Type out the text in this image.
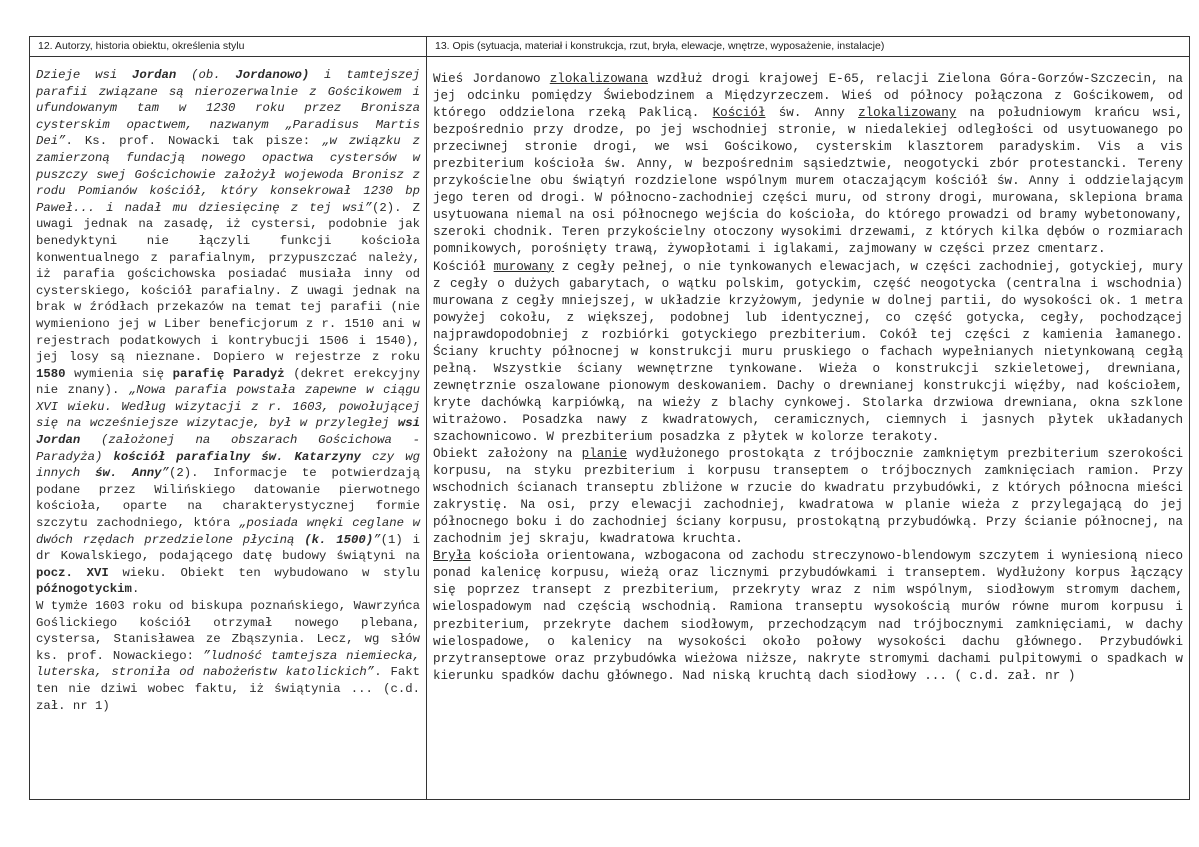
12. Autorzy, historia obiektu, określenia stylu

Dzieje wsi Jordan (ob. Jordanowo) i tamtejszej parafii związane są nierozerwalnie z Gościkowem i ufundowanym tam w 1230 roku przez Bronisza cysterskim opactwem, nazwanym „Paradisus Martis Dei”. Ks. prof. Nowacki tak pisze: „w związku z zamierzoną fundacją nowego opactwa cystersów w puszczy swej Gościchowie założył wojewoda Bronisz z rodu Pomianów kościół, który konsekrował 1230 bp Paweł... i nadał mu dziesięcinę z tej wsi”(2). Z uwagi jednak na zasadę, iż cystersi, podobnie jak benedyktyni nie łączyli funkcji kościoła konwentualnego z parafialnym, przypuszczać należy, iż parafia gościchowska posiadać musiała inny od cysterskiego, kościół parafialny. Z uwagi jednak na brak w źródłach przekazów na temat tej parafii (nie wymieniono jej w Liber beneficjorum z r. 1510 ani w rejestrach podatkowych i kontrybucji 1506 i 1540), jej losy są nieznane. Dopiero w rejestrze z roku 1580 wymienia się parafię Paradyż (dekret erekcyjny nie znany). „Nowa parafia powstała zapewne w ciągu XVI wieku. Według wizytacji z r. 1603, powołującej się na wcześniejsze wizytacje, był w przyległej wsi Jordan (założonej na obszarach Gościchowa - Paradyża) kościół parafialny św. Katarzyny czy wg innych św. Anny”(2). Informacje te potwierdzają podane przez Wilińskiego datowanie pierwotnego kościoła, oparte na charakterystycznej formie szczytu zachodniego, która „posiada wnęki ceglane w dwóch rzędach przedzielone płyciną (k. 1500)”(1) i dr Kowalskiego, podającego datę budowy świątyni na pocz. XVI wieku. Obiekt ten wybudowano w stylu późnogotyckim.

W tymże 1603 roku od biskupa poznańskiego, Wawrzyńca Goślickiego kościół otrzymał nowego plebana, cystersa, Stanisławea ze Zbąszynia. Lecz, wg słów ks. prof. Nowackiego: ”ludność tamtejsza niemiecka, luterska, stroniła od nabożeństw katolickich”. Fakt ten nie dziwi wobec faktu, iż świątynia ... (c.d. zał. nr 1)

13. Opis (sytuacja, materiał i konstrukcja, rzut, bryła, elewacje, wnętrze, wyposażenie, instalacje)

Wieś Jordanowo zlokalizowana wzdłuż drogi krajowej E-65, relacji Zielona Góra-Gorzów-Szczecin, na jej odcinku pomiędzy Świebodzinem a Międzyrzeczem. Wieś od północy połączona z Gościkowem, od którego oddzielona rzeką Paklicą. Kościół św. Anny zlokalizowany na południowym krańcu wsi, bezpośrednio przy drodze, po jej wschodniej stronie, w niedalekiej odległości od usytuowanego po przeciwnej stronie drogi, we wsi Gościkowo, cysterskim klasztorem paradyskim. Vis a vis prezbiterium kościoła św. Anny, w bezpośrednim sąsiedztwie, neogotycki zbór protestancki. Tereny przykościelne obu świątyń rozdzielone wspólnym murem otaczającym kościół św. Anny i oddzielającym jego teren od drogi. W północno-zachodniej części muru, od strony drogi, murowana, sklepiona brama usytuowana niemal na osi północnego wejścia do kościoła, do którego prowadzi od bramy wybetonowany, szeroki chodnik. Teren przykościelny otoczony wysokimi drzewami, z których kilka dębów o rozmiarach pomnikowych, porośnięty trawą, żywopłotami i iglakami, zajmowany w części przez cmentarz.

Kościół murowany z cegły pełnej, o nie tynkowanych elewacjach, w części zachodniej, gotyckiej, mury z cegły o dużych gabarytach, o wątku polskim, gotyckim, część neogotycka (centralna i wschodnia) murowana z cegły mniejszej, w układzie krzyżowym, jedynie w dolnej partii, do wysokości ok. 1 metra powyżej cokołu, z większej, podobnej lub identycznej, co część gotycka, cegły, pochodzącej najprawdopodobniej z rozbiórki gotyckiego prezbiterium. Cokół tej części z kamienia łamanego. Ściany kruchty północnej w konstrukcji muru pruskiego o fachach wypełnianych nietynkowaną cegłą pełną. Wszystkie ściany wewnętrzne tynkowane. Wieża o konstrukcji szkieletowej, drewniana, zewnętrznie oszalowane pionowym deskowaniem. Dachy o drewnianej konstrukcji więźby, nad kościołem, kryte dachówką karpiówką, na wieży z blachy cynkowej. Stolarka drzwiowa drewniana, okna szklone witrażowo. Posadzka nawy z kwadratowych, ceramicznych, ciemnych i jasnych płytek układanych szachownicowo. W prezbiterium posadzka z płytek w kolorze terakoty.

Obiekt założony na planie wydłużonego prostokąta z trójbocznie zamkniętym prezbiterium szerokości korpusu, na styku prezbiterium i korpusu transeptem o trójbocznych zamknięciach ramion. Przy wschodnich ścianach transeptu zbliżone w rzucie do kwadratu przybudówki, z których północna mieści zakrystię. Na osi, przy elewacji zachodniej, kwadratowa w planie wieża z przylegającą do jej północnego boku i do zachodniej ściany korpusu, prostokątną przybudówką. Przy ścianie północnej, na zachodnim jej skraju, kwadratowa kruchta.

Bryła kościoła orientowana, wzbogacona od zachodu streczynowo-blendowym szczytem i wyniesioną nieco ponad kalenicę korpusu, wieżą oraz licznymi przybudówkami i transeptem. Wydłużony korpus łączący się poprzez transept z prezbiterium, przekryty wraz z nim wspólnym, siodłowym stromym dachem, wielospadowym nad częścią wschodnią. Ramiona transeptu wysokością murów równe murom korpusu i prezbiterium, przekryte dachem siodłowym, przechodzącym nad trójbocznymi zamknięciami, w dachy wielospadowe, o kalenicy na wysokości około połowy wysokości dachu głównego. Przybudówki przytranseptowe oraz przybudówka wieżowa niższe, nakryte stromymi dachami pulpitowymi o spadkach w kierunku spadków dachu głównego. Nad niską kruchtą dach siodłowy ... ( c.d. zał. nr )
